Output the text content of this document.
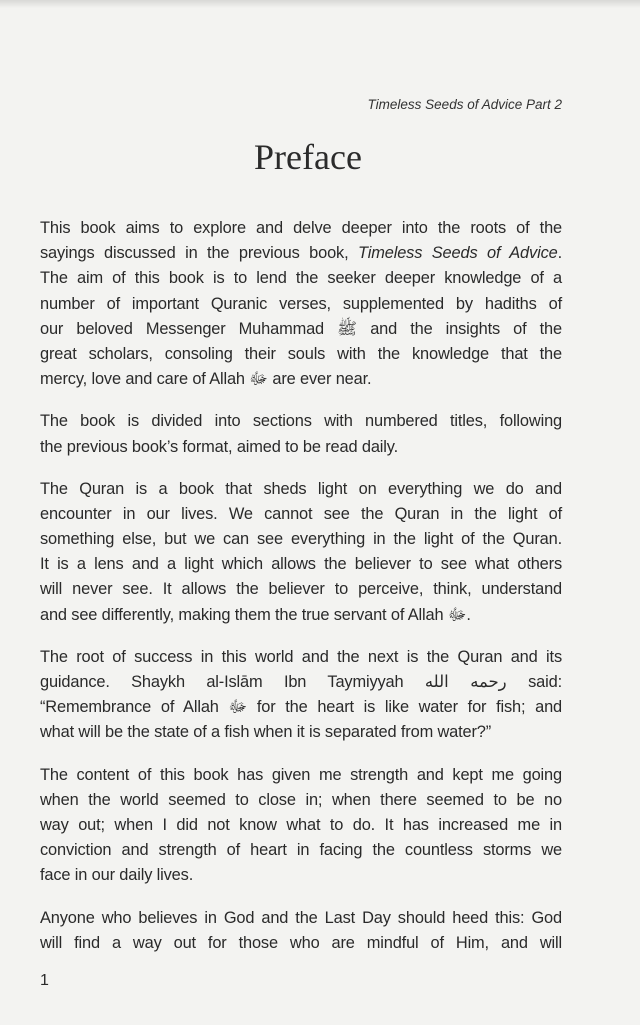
Timeless Seeds of Advice Part 2
Preface
This book aims to explore and delve deeper into the roots of the
sayings discussed in the previous book, Timeless Seeds of Advice.
The aim of this book is to lend the seeker deeper knowledge of a
number of important Quranic verses, supplemented by hadiths of
our beloved Messenger Muhammad ﷺ and the insights of the
great scholars, consoling their souls with the knowledge that the
mercy, love and care of Allah ﷻ are ever near.
The book is divided into sections with numbered titles, following
the previous book’s format, aimed to be read daily.
The Quran is a book that sheds light on everything we do and
encounter in our lives. We cannot see the Quran in the light of
something else, but we can see everything in the light of the Quran.
It is a lens and a light which allows the believer to see what others
will never see. It allows the believer to perceive, think, understand
and see differently, making them the true servant of Allah ﷻ.
The root of success in this world and the next is the Quran and its
guidance. Shaykh al-Islām Ibn Taymiyyah رحمه الله said:
“Remembrance of Allah ﷻ for the heart is like water for fish; and
what will be the state of a fish when it is separated from water?”
The content of this book has given me strength and kept me going
when the world seemed to close in; when there seemed to be no
way out; when I did not know what to do. It has increased me in
conviction and strength of heart in facing the countless storms we
face in our daily lives.
Anyone who believes in God and the Last Day should heed this: God
will find a way out for those who are mindful of Him, and will
1
